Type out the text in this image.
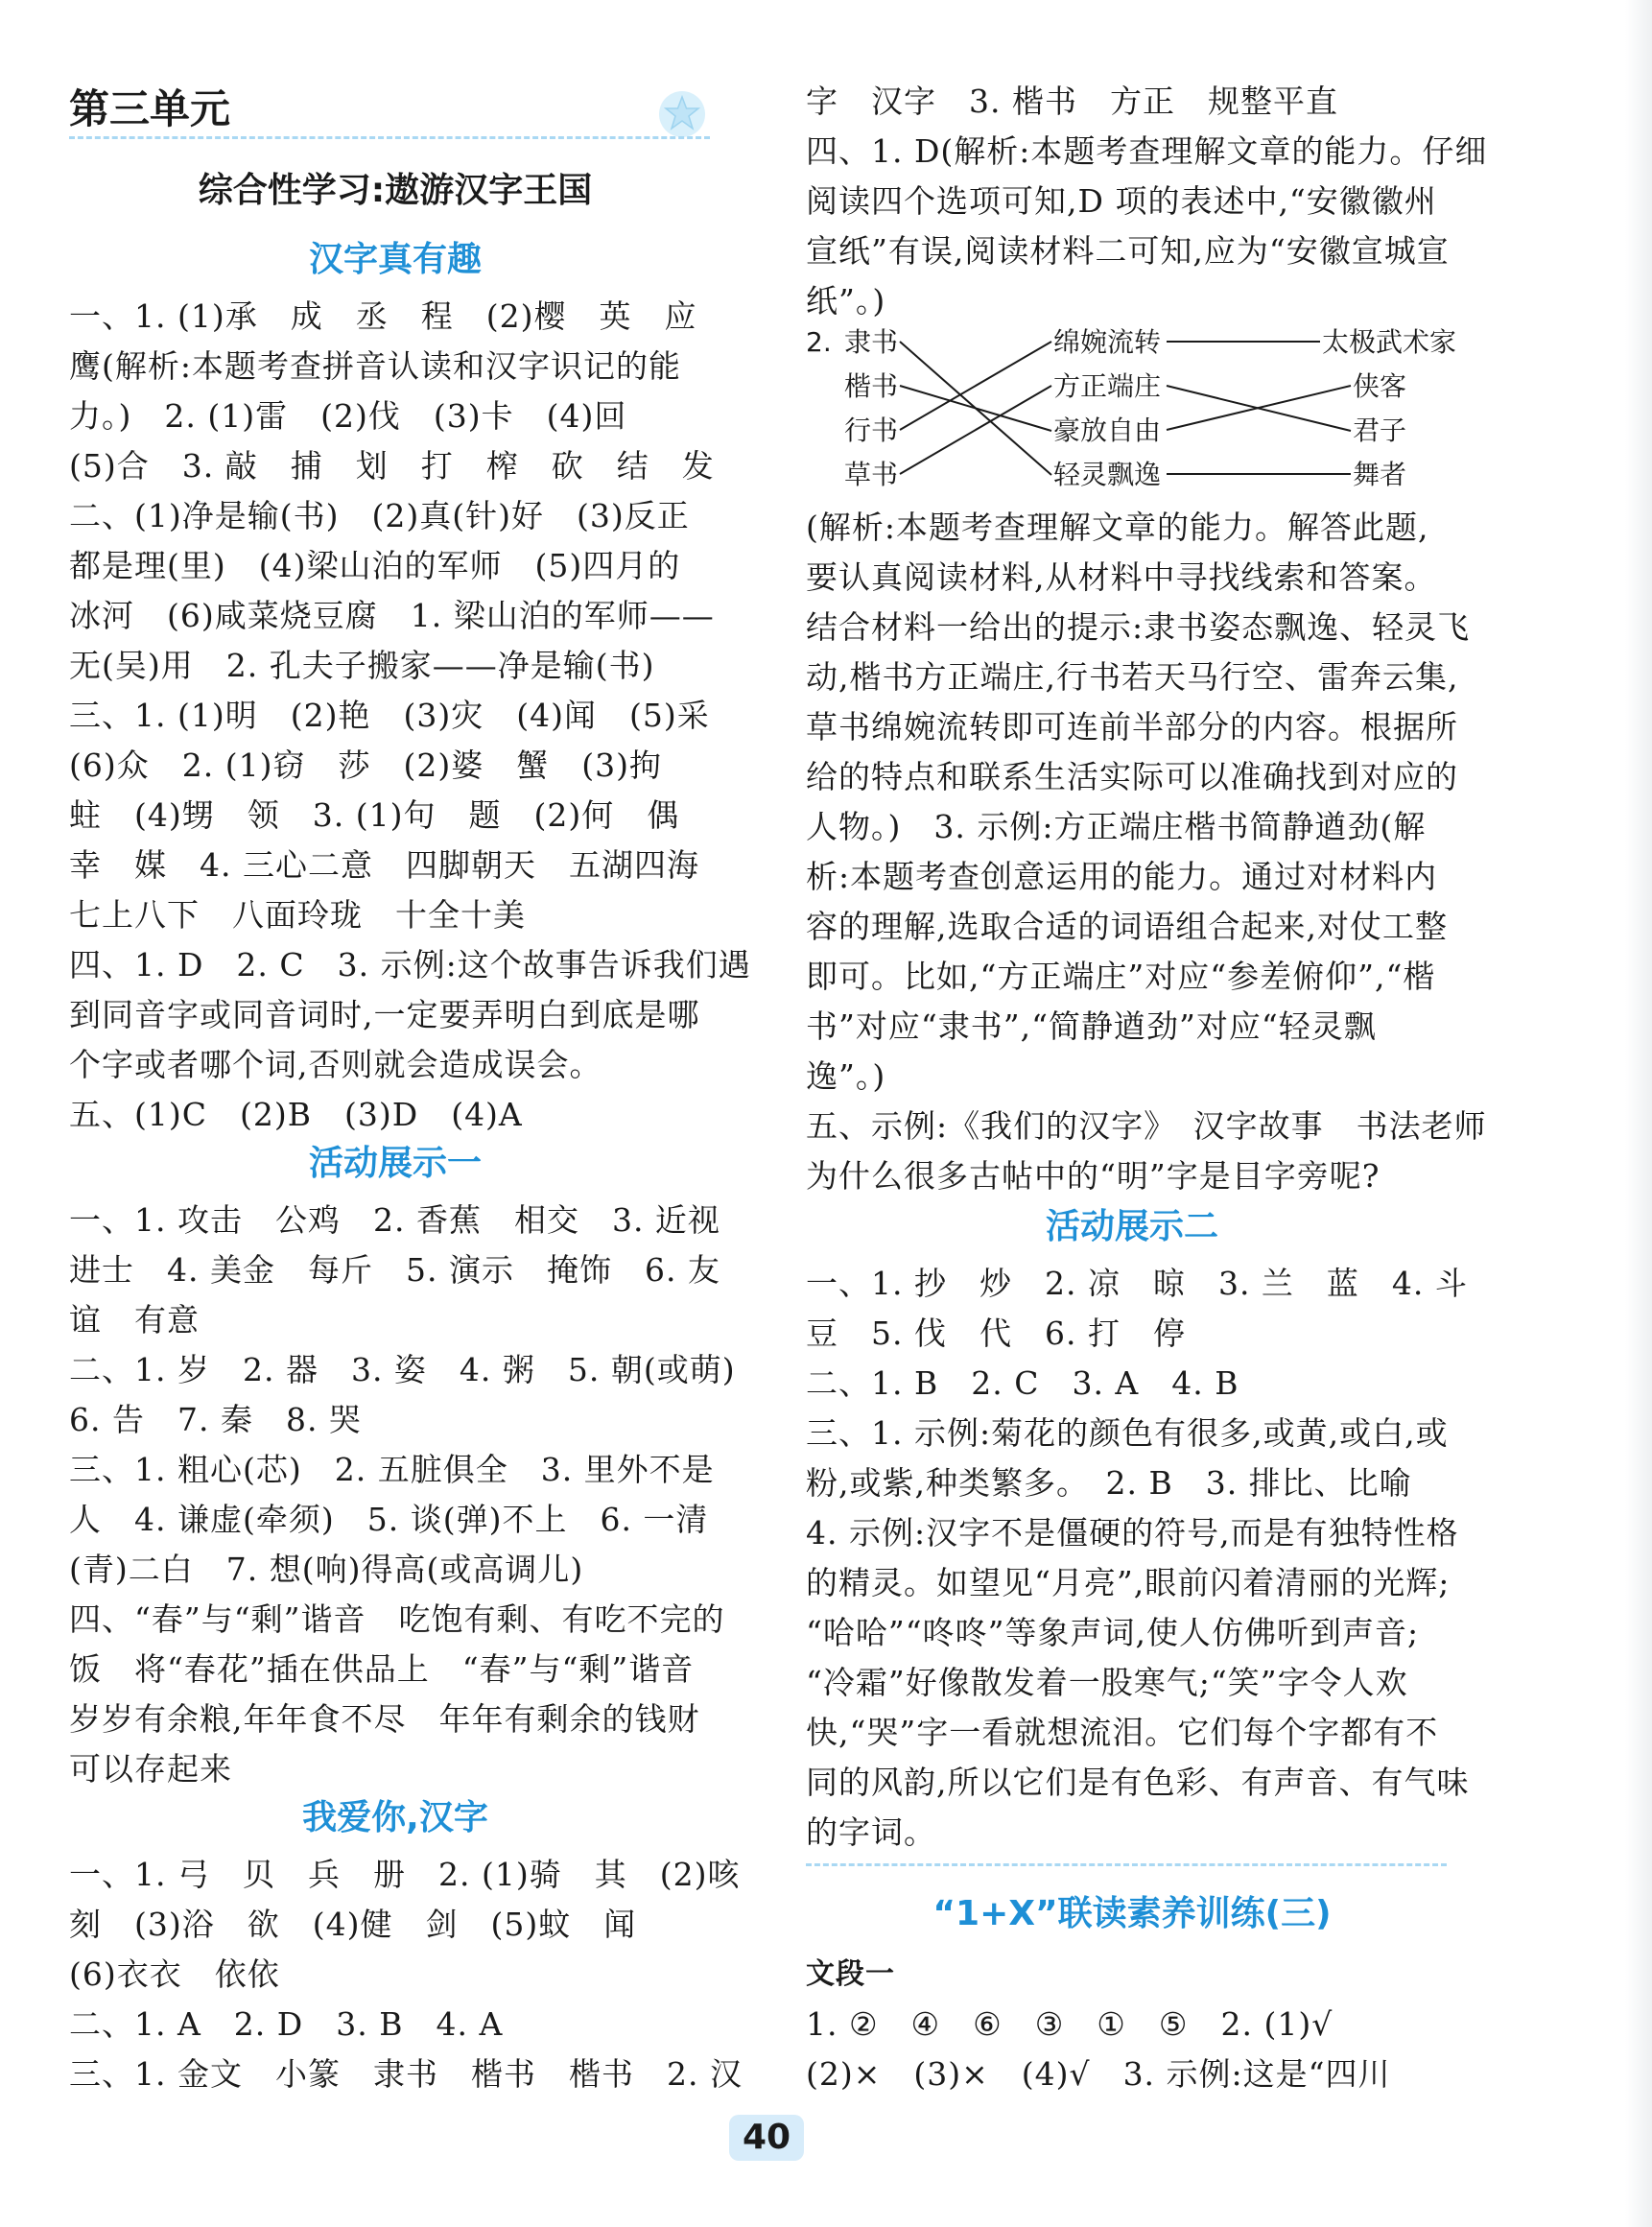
第三单元
综合性学习:遨游汉字王国
汉字真有趣
一、1. (1)承　成　丞　程　(2)樱　英　应
鹰(解析:本题考查拼音认读和汉字识记的能
力。)　2. (1)雷　(2)伐　(3)卡　(4)回
(5)合　3. 敲　捕　划　打　榨　砍　结　发
二、(1)净是输(书)　(2)真(针)好　(3)反正
都是理(里)　(4)梁山泊的军师　(5)四月的
冰河　(6)咸菜烧豆腐　1. 梁山泊的军师——
无(吴)用　2. 孔夫子搬家——净是输(书)
三、1. (1)明　(2)艳　(3)灾　(4)闻　(5)采
(6)众　2. (1)窃　莎　(2)婆　蟹　(3)拘
蛀　(4)甥　领　3. (1)句　题　(2)何　偶
幸　媒　4. 三心二意　四脚朝天　五湖四海
七上八下　八面玲珑　十全十美
四、1. D　2. C　3. 示例:这个故事告诉我们遇
到同音字或同音词时,一定要弄明白到底是哪
个字或者哪个词,否则就会造成误会。
五、(1)C　(2)B　(3)D　(4)A
活动展示一
一、1. 攻击　公鸡　2. 香蕉　相交　3. 近视
进士　4. 美金　每斤　5. 演示　掩饰　6. 友
谊　有意
二、1. 岁　2. 器　3. 姿　4. 粥　5. 朝(或萌)
6. 告　7. 秦　8. 哭
三、1. 粗心(芯)　2. 五脏俱全　3. 里外不是
人　4. 谦虚(牵须)　5. 谈(弹)不上　6. 一清
(青)二白　7. 想(响)得高(或高调儿)
四、“春”与“剩”谐音　吃饱有剩、有吃不完的
饭　将“春花”插在供品上　“春”与“剩”谐音
岁岁有余粮,年年食不尽　年年有剩余的钱财
可以存起来
我爱你,汉字
一、1. 弓　贝　兵　册　2. (1)骑　其　(2)咳
刻　(3)浴　欲　(4)健　剑　(5)蚊　闻
(6)衣衣　依依
二、1. A　2. D　3. B　4. A
三、1. 金文　小篆　隶书　楷书　楷书　2. 汉
字　汉字　3. 楷书　方正　规整平直
四、1. D(解析:本题考查理解文章的能力。仔细
阅读四个选项可知,D 项的表述中,“安徽徽州
宣纸”有误,阅读材料二可知,应为“安徽宣城宣
纸”。)
2. 隶书
楷书
行书
草书
绵婉流转
方正端庄
豪放自由
轻灵飘逸
太极武术家
侠客
君子
舞者
(解析:本题考查理解文章的能力。解答此题,
要认真阅读材料,从材料中寻找线索和答案。
结合材料一给出的提示:隶书姿态飘逸、轻灵飞
动,楷书方正端庄,行书若天马行空、雷奔云集,
草书绵婉流转即可连前半部分的内容。根据所
给的特点和联系生活实际可以准确找到对应的
人物。)　3. 示例:方正端庄楷书简静遒劲(解
析:本题考查创意运用的能力。通过对材料内
容的理解,选取合适的词语组合起来,对仗工整
即可。比如,“方正端庄”对应“参差俯仰”,“楷
书”对应“隶书”,“简静遒劲”对应“轻灵飘
逸”。)
五、示例:《我们的汉字》　汉字故事　书法老师
为什么很多古帖中的“明”字是目字旁呢?
活动展示二
一、1. 抄　炒　2. 凉　晾　3. 兰　蓝　4. 斗
豆　5. 伐　代　6. 打　停
二、1. B　2. C　3. A　4. B
三、1. 示例:菊花的颜色有很多,或黄,或白,或
粉,或紫,种类繁多。　2. B　3. 排比、比喻
4. 示例:汉字不是僵硬的符号,而是有独特性格
的精灵。如望见“月亮”,眼前闪着清丽的光辉;
“哈哈”“咚咚”等象声词,使人仿佛听到声音;
“冷霜”好像散发着一股寒气;“笑”字令人欢
快,“哭”字一看就想流泪。它们每个字都有不
同的风韵,所以它们是有色彩、有声音、有气味
的字词。
“1+X”联读素养训练(三)
文段一
1. ②　④　⑥　③　①　⑤　2. (1)√
(2)×　(3)×　(4)√　3. 示例:这是“四川
40
